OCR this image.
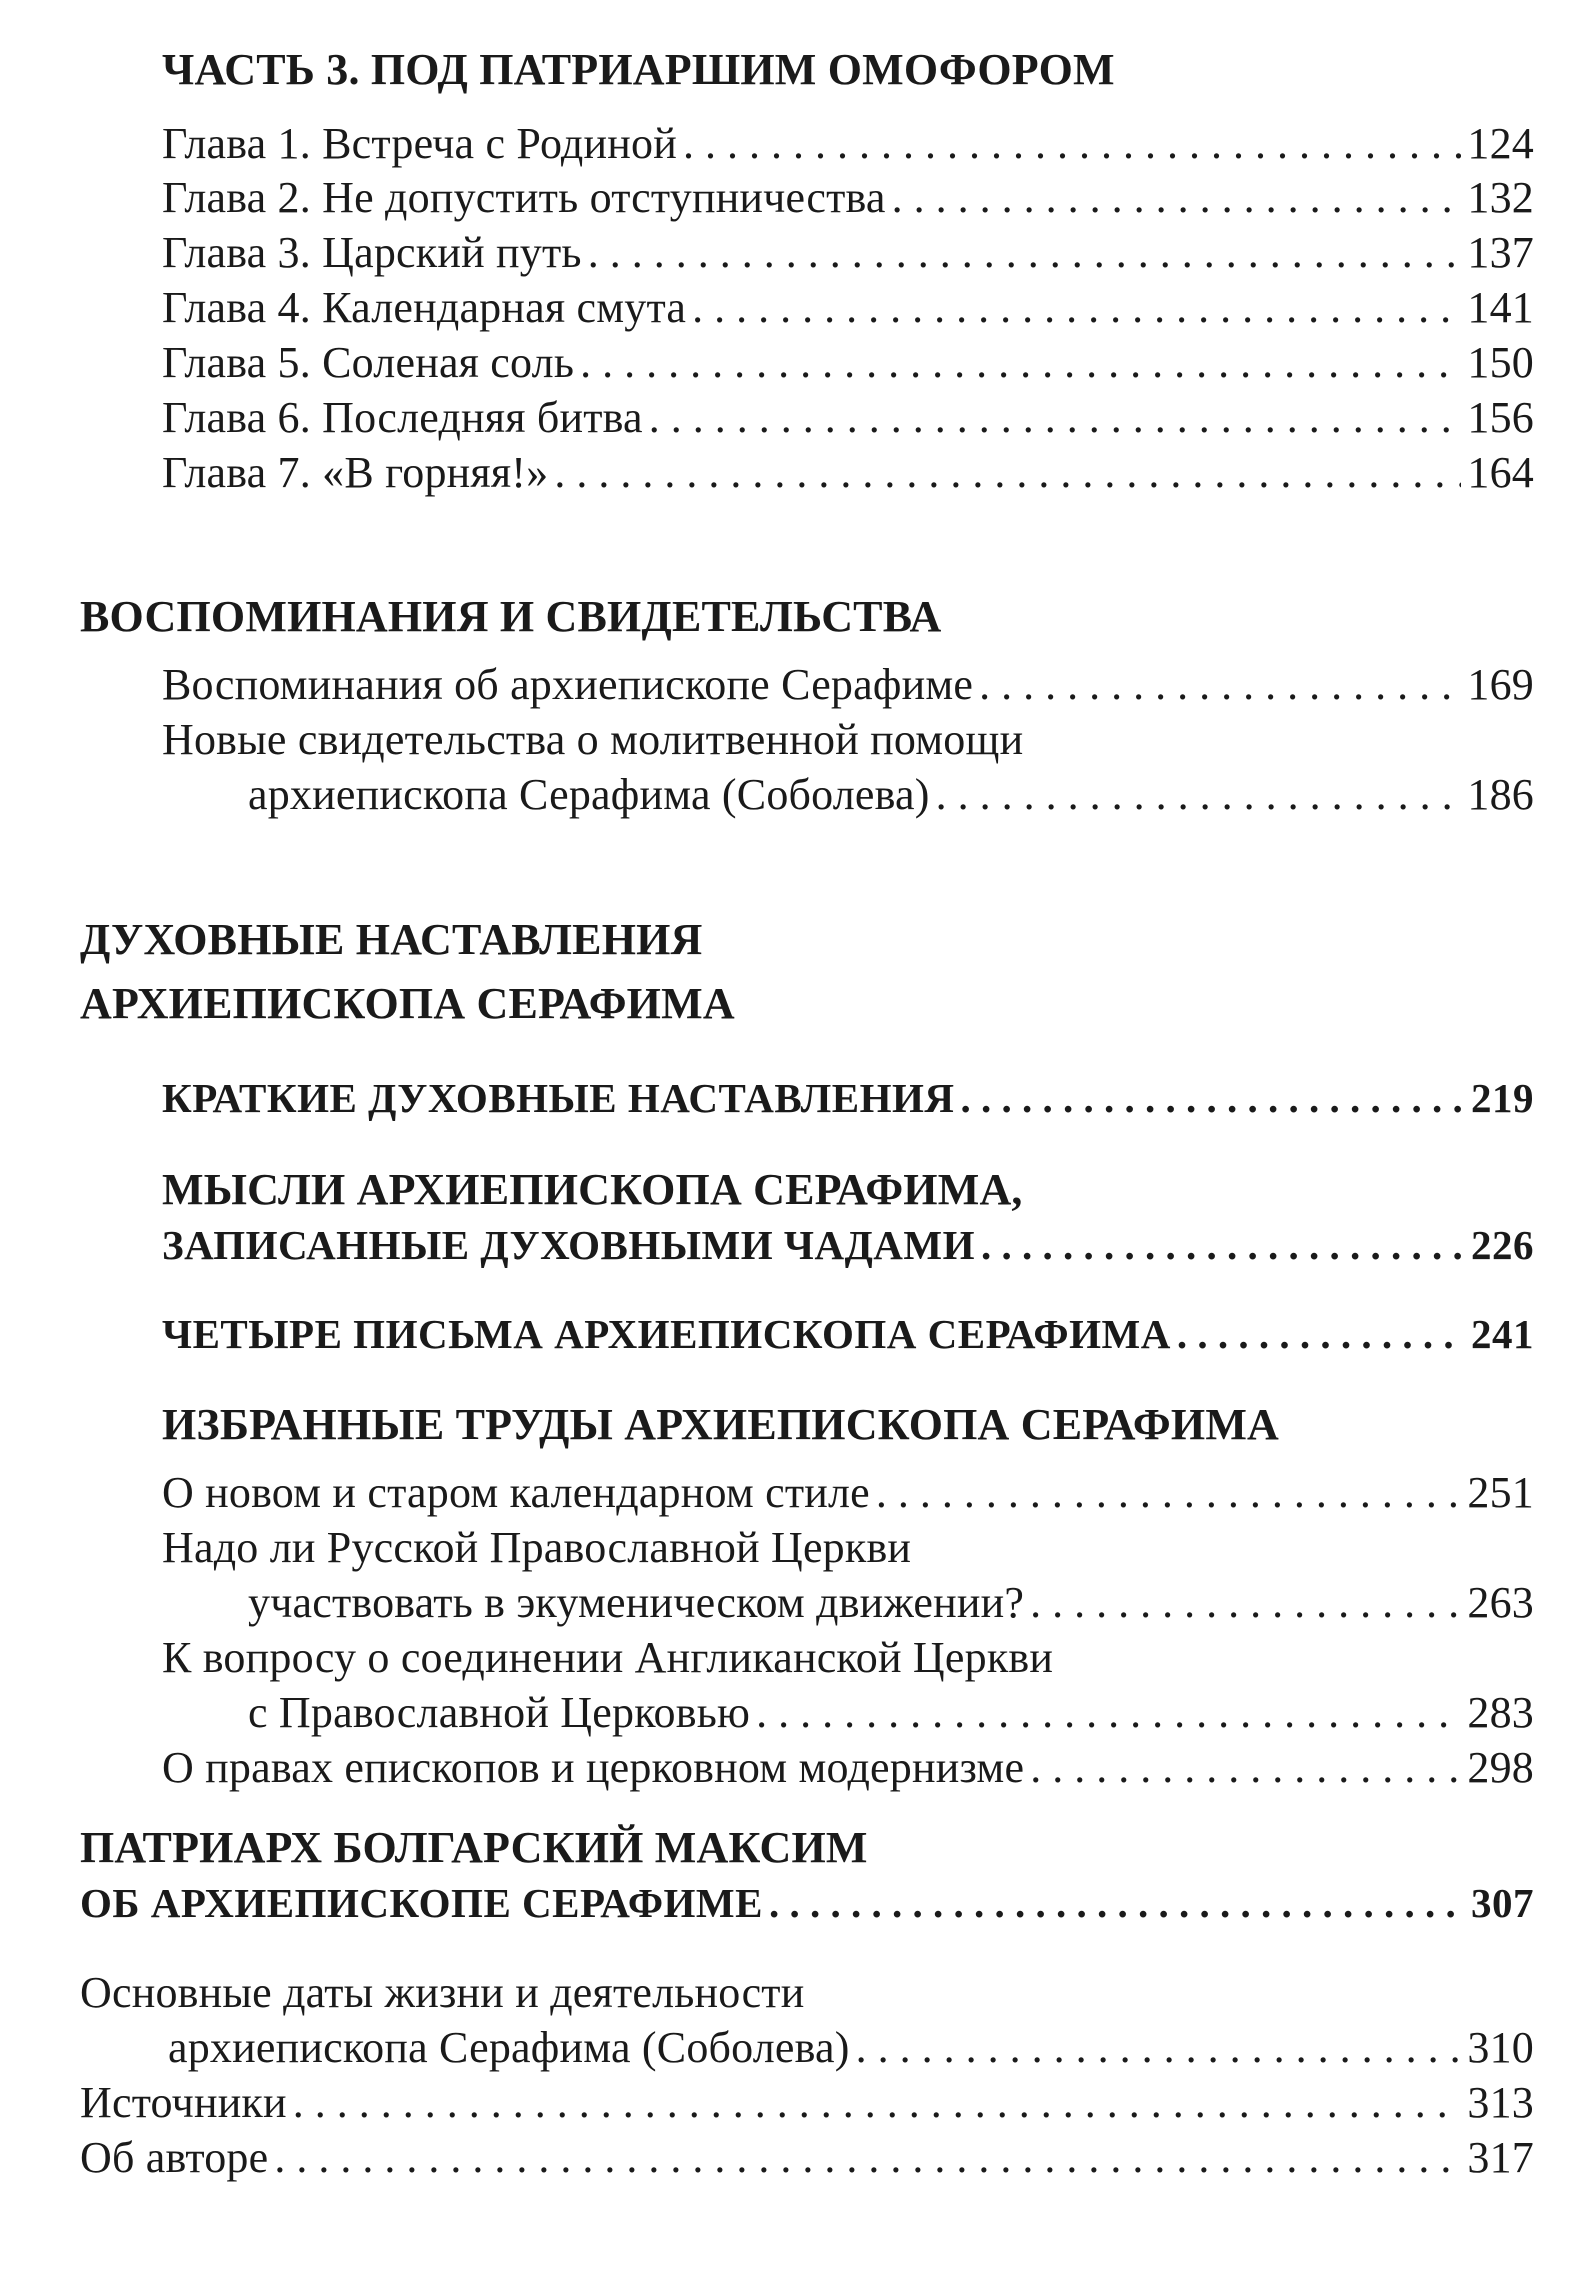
ЧАСТЬ 3. ПОД ПАТРИАРШИМ ОМОФОРОМ
Глава 1. Встреча с Родиной . . .	124
Глава 2. Не допустить отступничества . . .	132
Глава 3. Царский путь . . .	137
Глава 4. Календарная смута . . .	141
Глава 5. Соленая соль . . .	150
Глава 6. Последняя битва . . .	156
Глава 7. «В горняя!» . . .	164
ВОСПОМИНАНИЯ И СВИДЕТЕЛЬСТВА
Воспоминания об архиепископе Серафиме . . .	169
Новые свидетельства о молитвенной помощи
архиепископа Серафима (Соболева) . . .	186
ДУХОВНЫЕ НАСТАВЛЕНИЯ
АРХИЕПИСКОПА СЕРАФИМА
КРАТКИЕ ДУХОВНЫЕ НАСТАВЛЕНИЯ . . .	219
МЫСЛИ АРХИЕПИСКОПА СЕРАФИМА,
ЗАПИСАННЫЕ ДУХОВНЫМИ ЧАДАМИ . . .	226
ЧЕТЫРЕ ПИСЬМА АРХИЕПИСКОПА СЕРАФИМА . . .	241
ИЗБРАННЫЕ ТРУДЫ АРХИЕПИСКОПА СЕРАФИМА
О новом и старом календарном стиле . . .	251
Надо ли Русской Православной Церкви
участвовать в экуменическом движении? . . .	263
К вопросу о соединении Англиканской Церкви
с Православной Церковью . . .	283
О правах епископов и церковном модернизме . . .	298
ПАТРИАРХ БОЛГАРСКИЙ МАКСИМ
ОБ АРХИЕПИСКОПЕ СЕРАФИМЕ . . .	307
Основные даты жизни и деятельности
архиепископа Серафима (Соболева) . . .	310
Источники . . .	313
Об авторе . . .	317
